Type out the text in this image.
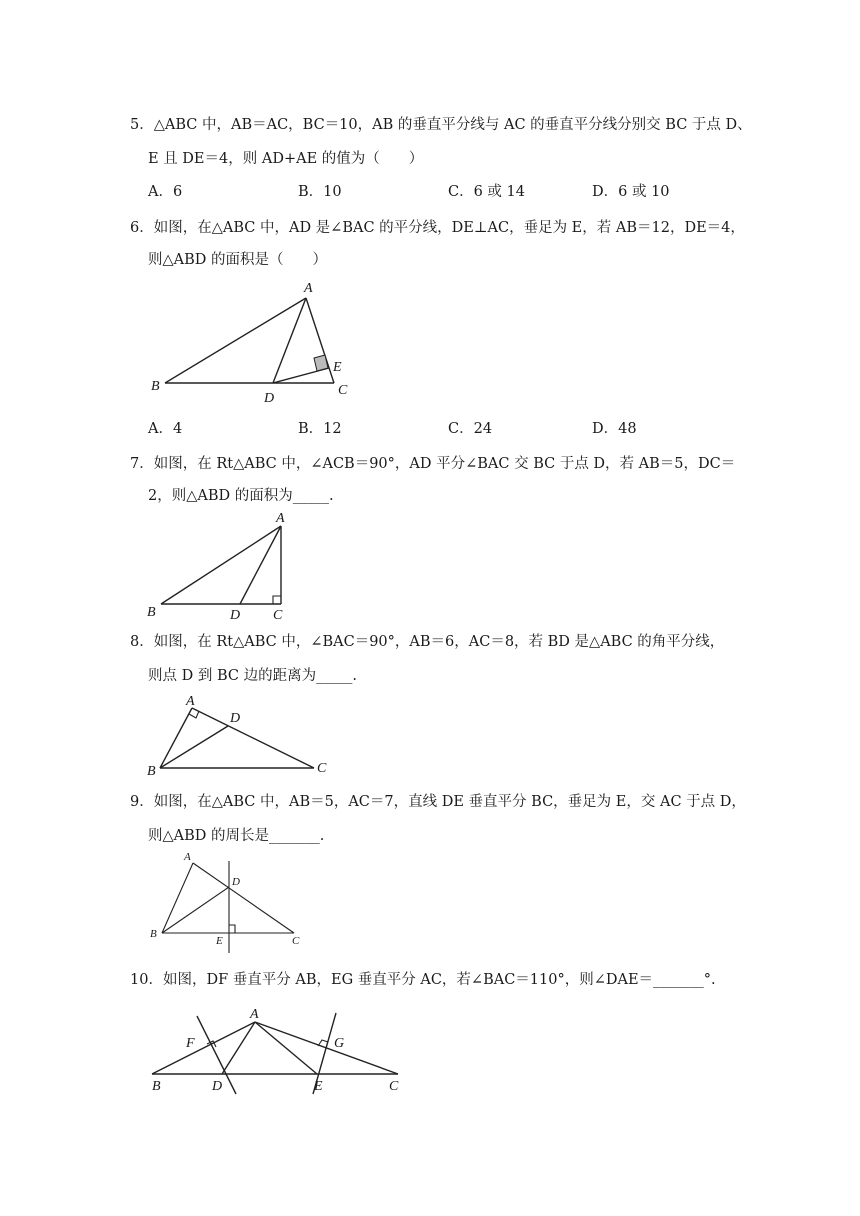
5．△ABC 中，AB＝AC，BC＝10，AB 的垂直平分线与 AC 的垂直平分线分别交 BC 于点 D、
E 且 DE＝4，则 AD+AE 的值为（　　）
A．6	B．10	C．6 或 14	D．6 或 10
6．如图，在△ABC 中，AD 是∠BAC 的平分线，DE⊥AC，垂足为 E，若 AB＝12，DE＝4，
则△ABD 的面积是（　　）
A
E
B
D
C
A．4	B．12	C．24	D．48
7．如图，在 Rt△ABC 中，∠ACB＝90°，AD 平分∠BAC 交 BC 于点 D，若 AB＝5，DC＝
2，则△ABD 的面积为_____.
A
B	D C
8．如图，在 Rt△ABC 中，∠BAC＝90°，AB＝6，AC＝8，若 BD 是△ABC 的角平分线，
则点 D 到 BC 边的距离为_____.
A
D
B	C
9．如图，在△ABC 中，AB＝5，AC＝7，直线 DE 垂直平分 BC，垂足为 E，交 AC 于点 D，
则△ABD 的周长是_______.
A
D
B
E	C
10．如图，DF 垂直平分 AB，EG 垂直平分 AC，若∠BAC＝110°，则∠DAE＝_______°.
A
F	G
B	D	E	C
